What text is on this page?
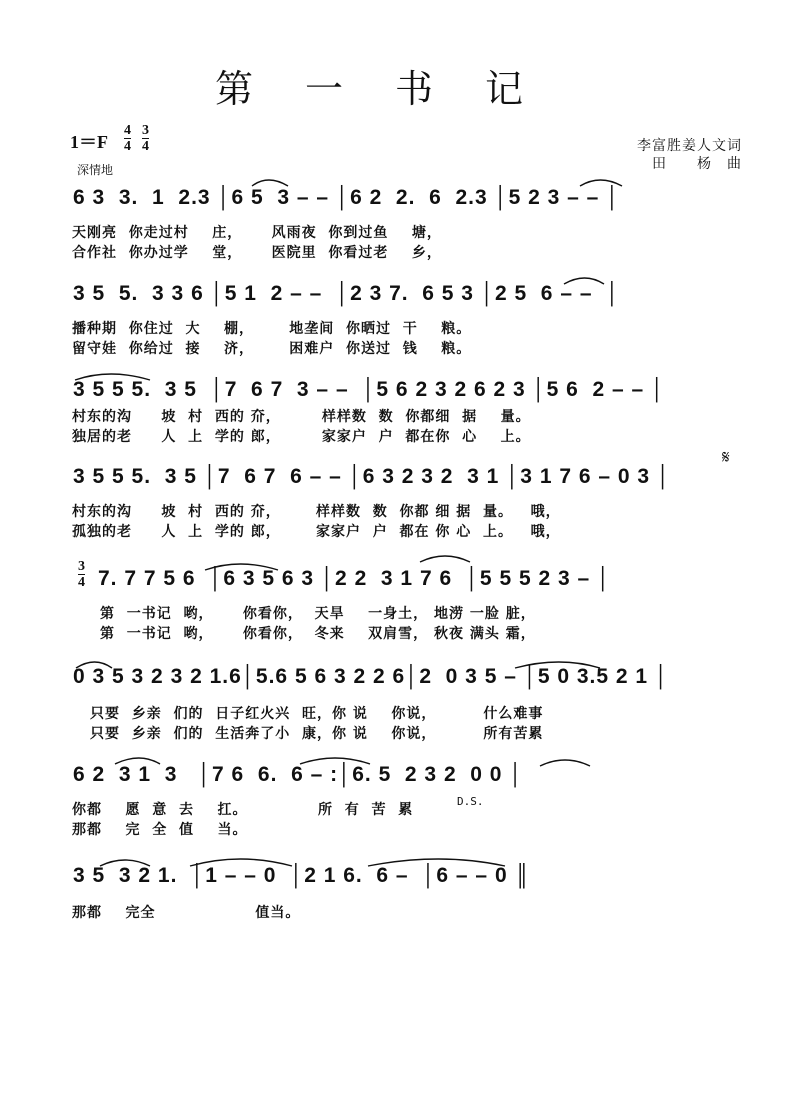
第一书记
1＝F
4
4
3
4
深情地
李富胜姜人文词
田　　杨　曲
6 3  3.  1  2.3 │6 5  3 – – │6 2  2.  6  2.3 │5 2 3 – – │
天刚亮  你走过村    庄，     风雨夜  你到过鱼    塘，
合作社  你办过学    堂，     医院里  你看过老    乡，
3 5  5.  3 3 6 │5 1  2 – –  │2 3 7.  6 5 3 │2 5  6 – –  │
播种期  你住过  大    棚，      地垄间  你晒过  干    粮。
留守娃  你给过  接    济，      困难户  你送过  钱    粮。
3 5 5 5.  3 5  │7  6 7  3 – –  │5 6 2 3 2 6 2 3 │5 6  2 – – │
村东的沟     坡  村  西的 夼，       样样数  数  你都细  据    量。
独居的老     人  上  学的 郎，       家家户  户  都在你  心    上。
3 5 5 5.  3 5 │7  6 7  6 – – │6 3 2 3 2  3 1 │3 1 7 6 – 0 3 │
村东的沟     坡  村  西的 夼，      样样数  数  你都 细 据  量。   哦，
孤独的老     人  上  学的 郎，      家家户  户  都在 你 心  上。   哦，
𝄋
3
4 7. 7 7 5 6  │6 3 5 6 3 │2 2  3 1 7 6  │5 5 5 2 3 – │
第  一书记  哟，     你看你，  天旱    一身土， 地涝 一脸 脏，
第  一书记  哟，     你看你，  冬来    双肩雪， 秋夜 满头 霜，
0 3 5 3 2 3 2 1.6│5.6 5 6 3 2 2 6│2  0 3 5 – │5 0 3.5 2 1 │
只要  乡亲  们的  日子红火兴  旺，你 说    你说，        什么难事
只要  乡亲  们的  生活奔了小  康，你 说    你说，        所有苦累
6 2  3 1  3   │7 6  6.  6 – :│6. 5  2 3 2  0 0 │
你都    愿  意  去    扛。            所  有  苦  累
那都    完  全  值    当。
D.S.
3 5  3 2 1.  │1 – – 0  │2 1 6.  6 –  │6 – – 0 ║
那都    完全                 值当。
